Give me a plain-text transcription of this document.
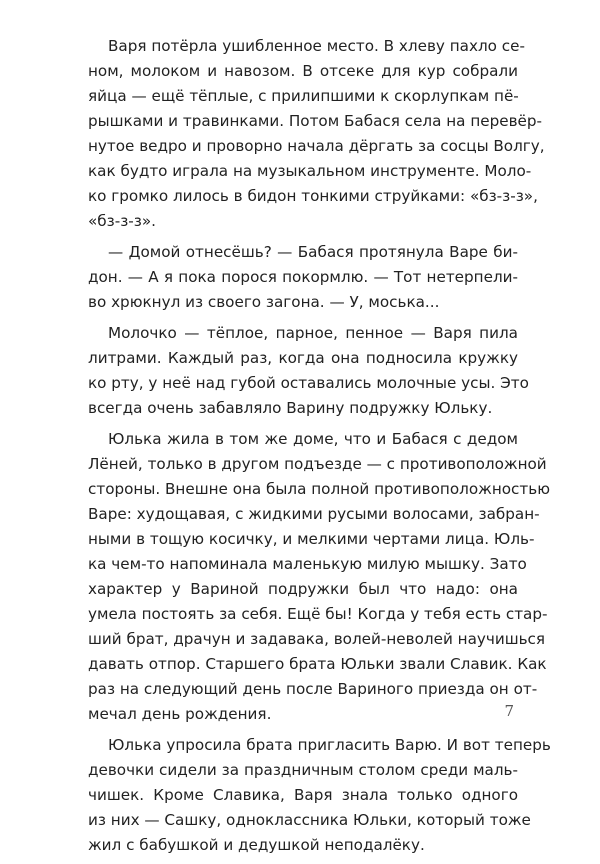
Варя потёрла ушибленное место. В хлеву пахло се-
ном, молоком и навозом. В отсеке для кур собрали
яйца — ещё тёплые, с прилипшими к скорлупкам пё-
рышками и травинками. Потом Бабася села на перевёр-
нутое ведро и проворно начала дёргать за сосцы Волгу,
как будто играла на музыкальном инструменте. Моло-
ко громко лилось в бидон тонкими струйками: «бз-з-з»,
«бз-з-з».

— Домой отнесёшь? — Бабася протянула Варе би-
дон. — А я пока порося покормлю. — Тот нетерпели-
во хрюкнул из своего загона. — У, моська...

Молочко — тёплое, парное, пенное — Варя пила
литрами. Каждый раз, когда она подносила кружку
ко рту, у неё над губой оставались молочные усы. Это
всегда очень забавляло Варину подружку Юльку.

Юлька жила в том же доме, что и Бабася с дедом
Лёней, только в другом подъезде — с противоположной
стороны. Внешне она была полной противоположностью
Варе: худощавая, с жидкими русыми волосами, забран-
ными в тощую косичку, и мелкими чертами лица. Юль-
ка чем-то напоминала маленькую милую мышку. Зато
характер у Вариной подружки был что надо: она
умела постоять за себя. Ещё бы! Когда у тебя есть стар-
ший брат, драчун и задавака, волей-неволей научишься
давать отпор. Старшего брата Юльки звали Славик. Как
раз на следующий день после Вариного приезда он от-
мечал день рождения.

Юлька упросила брата пригласить Варю. И вот теперь
девочки сидели за праздничным столом среди маль-
чишек. Кроме Славика, Варя знала только одного
из них — Сашку, одноклассника Юльки, который тоже
жил с бабушкой и дедушкой неподалёку.

7
